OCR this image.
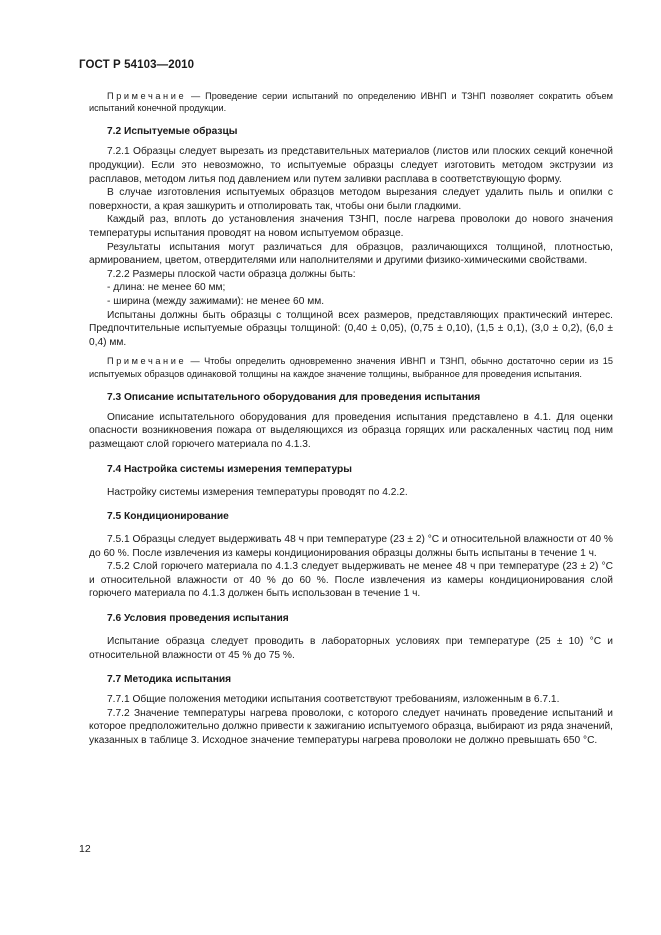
ГОСТ Р 54103—2010

Примечание — Проведение серии испытаний по определению ИВНП и ТЗНП позволяет сократить объем испытаний конечной продукции.

7.2 Испытуемые образцы

7.2.1 Образцы следует вырезать из представительных материалов (листов или плоских секций конечной продукции). Если это невозможно, то испытуемые образцы следует изготовить методом экструзии из расплавов, методом литья под давлением или путем заливки расплава в соответствующую форму.

В случае изготовления испытуемых образцов методом вырезания следует удалить пыль и опилки с поверхности, а края зашкурить и отполировать так, чтобы они были гладкими.

Каждый раз, вплоть до установления значения ТЗНП, после нагрева проволоки до нового значения температуры испытания проводят на новом испытуемом образце.

Результаты испытания могут различаться для образцов, различающихся толщиной, плотностью, армированием, цветом, отвердителями или наполнителями и другими физико-химическими свойствами.

7.2.2 Размеры плоской части образца должны быть:

- длина: не менее 60 мм;

- ширина (между зажимами): не менее 60 мм.

Испытаны должны быть образцы с толщиной всех размеров, представляющих практический интерес. Предпочтительные испытуемые образцы толщиной: (0,40 ± 0,05), (0,75 ± 0,10), (1,5 ± 0,1), (3,0 ± 0,2), (6,0 ± 0,4) мм.

Примечание — Чтобы определить одновременно значения ИВНП и ТЗНП, обычно достаточно серии из 15 испытуемых образцов одинаковой толщины на каждое значение толщины, выбранное для проведения испытания.

7.3 Описание испытательного оборудования для проведения испытания

Описание испытательного оборудования для проведения испытания представлено в 4.1. Для оценки опасности возникновения пожара от выделяющихся из образца горящих или раскаленных частиц под ним размещают слой горючего материала по 4.1.3.

7.4 Настройка системы измерения температуры

Настройку системы измерения температуры проводят по 4.2.2.

7.5 Кондиционирование

7.5.1 Образцы следует выдерживать 48 ч при температуре (23 ± 2) °С и относительной влажности от 40 % до 60 %. После извлечения из камеры кондиционирования образцы должны быть испытаны в течение 1 ч.

7.5.2 Слой горючего материала по 4.1.3 следует выдерживать не менее 48 ч при температуре (23 ± 2) °С и относительной влажности от 40 % до 60 %. После извлечения из камеры кондиционирования слой горючего материала по 4.1.3 должен быть использован в течение 1 ч.

7.6 Условия проведения испытания

Испытание образца следует проводить в лабораторных условиях при температуре (25 ± 10) °С и относительной влажности от 45 % до 75 %.

7.7 Методика испытания

7.7.1 Общие положения методики испытания соответствуют требованиям, изложенным в 6.7.1.

7.7.2 Значение температуры нагрева проволоки, с которого следует начинать проведение испытаний и которое предположительно должно привести к зажиганию испытуемого образца, выбирают из ряда значений, указанных в таблице 3. Исходное значение температуры нагрева проволоки не должно превышать 650 °С.

12
